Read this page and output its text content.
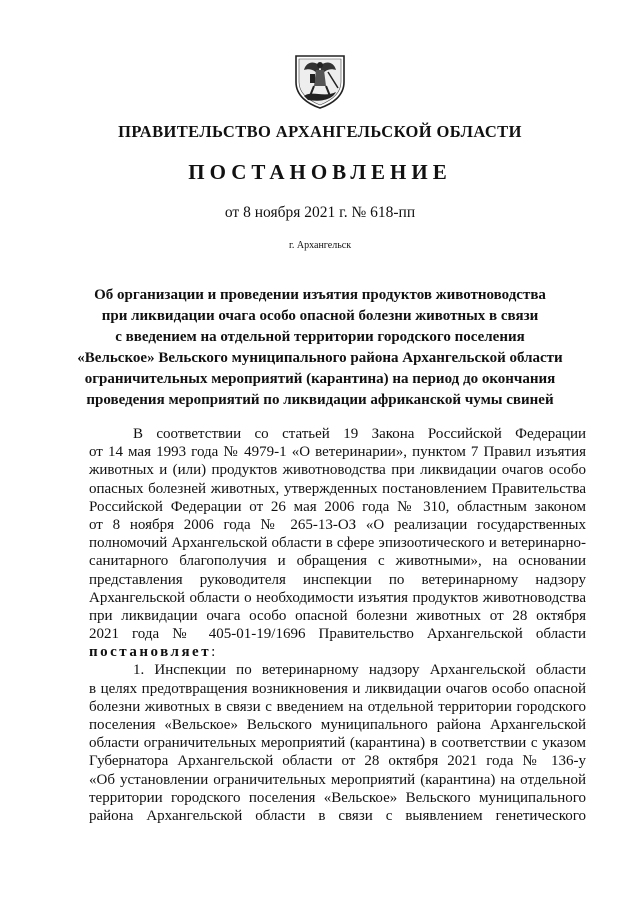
ПРАВИТЕЛЬСТВО АРХАНГЕЛЬСКОЙ ОБЛАСТИ
ПОСТАНОВЛЕНИЕ
от 8 ноября 2021 г. № 618-пп
г. Архангельск
Об организации и проведении изъятия продуктов животноводства
при ликвидации очага особо опасной болезни животных в связи
с введением на отдельной территории городского поселения
«Вельское» Вельского муниципального района Архангельской области
ограничительных мероприятий (карантина) на период до окончания
проведения мероприятий по ликвидации африканской чумы свиней
В соответствии со статьей 19 Закона Российской Федерации
от 14 мая 1993 года № 4979-1 «О ветеринарии», пунктом 7 Правил изъятия
животных и (или) продуктов животноводства при ликвидации очагов особо
опасных болезней животных, утвержденных постановлением Правительства
Российской Федерации от 26 мая 2006 года № 310, областным законом
от 8 ноября 2006 года № 265-13-ОЗ «О реализации государственных
полномочий Архангельской области в сфере эпизоотического и ветеринарно-
санитарного благополучия и обращения с животными», на основании
представления руководителя инспекции по ветеринарному надзору
Архангельской области о необходимости изъятия продуктов животноводства
при ликвидации очага особо опасной болезни животных от 28 октября
2021 года № 405-01-19/1696 Правительство Архангельской области
постановляет:
1. Инспекции по ветеринарному надзору Архангельской области
в целях предотвращения возникновения и ликвидации очагов особо опасной
болезни животных в связи с введением на отдельной территории городского
поселения «Вельское» Вельского муниципального района Архангельской
области ограничительных мероприятий (карантина) в соответствии с указом
Губернатора Архангельской области от 28 октября 2021 года № 136-у
«Об установлении ограничительных мероприятий (карантина) на отдельной
территории городского поселения «Вельское» Вельского муниципального
района Архангельской области в связи с выявлением генетического
